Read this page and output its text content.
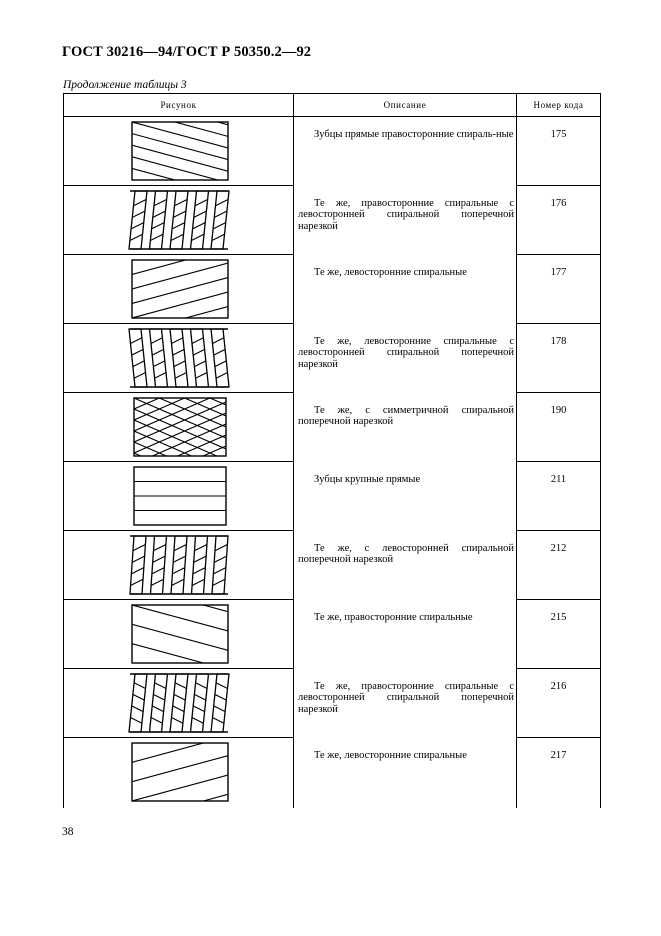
ГОСТ 30216—94/ГОСТ Р 50350.2—92
Продолжение таблицы 3
Рисунок	Описание	Номер кода

Зубцы прямые правосторонние спираль-ные	175

Те же, правосторонние спиральные с левосторонней спиральной поперечной нарезкой	176

Те же, левосторонние спиральные	177

Те же, левосторонние спиральные с левосторонней спиральной поперечной нарезкой	178

Те же, с симметричной спиральной поперечной нарезкой	190

Зубцы крупные прямые	211

Те же, с левосторонней спиральной поперечной нарезкой	212

Те же, правосторонние спиральные	215

Те же, правосторонние спиральные с левосторонней спиральной поперечной нарезкой	216

Те же, левосторонние спиральные	217
38
